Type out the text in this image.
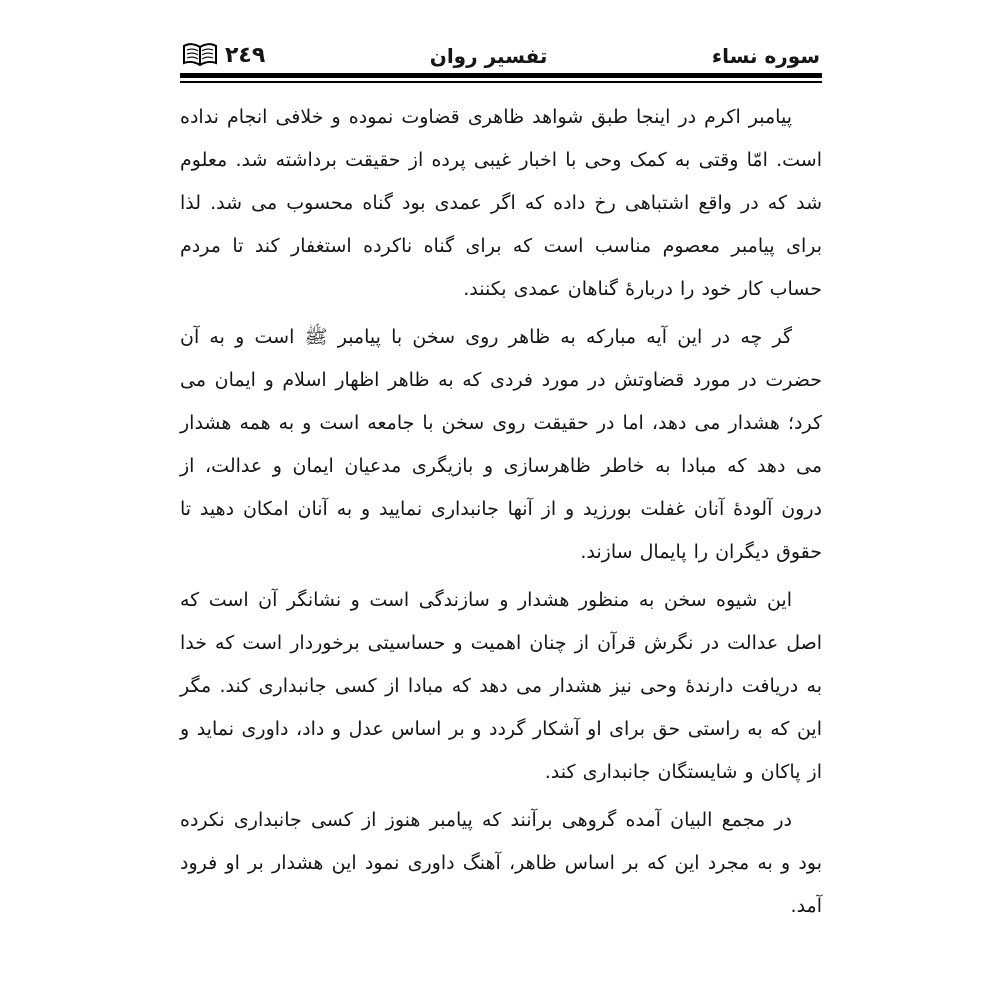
سوره نساء
تفسير روان
٢٤٩

پیامبر اکرم در اینجا طبق شواهد ظاهری قضاوت نموده و خلافی انجام نداده است. امّا وقتی به کمک وحی با اخبار غیبی پرده از حقیقت برداشته شد. معلوم شد که در واقع اشتباهی رخ داده که اگر عمدی بود گناه محسوب می شد. لذا برای پیامبر معصوم مناسب است که برای گناه ناکرده استغفار کند تا مردم حساب کار خود را دربارهٔ گناهان عمدی بکنند.

گر چه در این آیه مبارکه به ظاهر روی سخن با پیامبر ﷺ است و به آن حضرت در مورد قضاوتش در مورد فردی که به ظاهر اظهار اسلام و ایمان می کرد؛ هشدار می دهد، اما در حقیقت روی سخن با جامعه است و به همه هشدار می دهد که مبادا به خاطر ظاهرسازی و بازیگری مدعیان ایمان و عدالت، از درون آلودهٔ آنان غفلت بورزید و از آنها جانبداری نمایید و به آنان امکان دهید تا حقوق دیگران را پایمال سازند.

این شیوه سخن به منظور هشدار و سازندگی است و نشانگر آن است که اصل عدالت در نگرش قرآن از چنان اهمیت و حساسیتی برخوردار است که خدا به دریافت دارندهٔ وحی نیز هشدار می دهد که مبادا از کسی جانبداری کند. مگر این که به راستی حق برای او آشکار گردد و بر اساس عدل و داد، داوری نماید و از پاکان و شایستگان جانبداری کند.

در مجمع البیان آمده گروهی برآنند که پیامبر هنوز از کسی جانبداری نکرده بود و به مجرد این که بر اساس ظاهر، آهنگ داوری نمود این هشدار بر او فرود آمد.
